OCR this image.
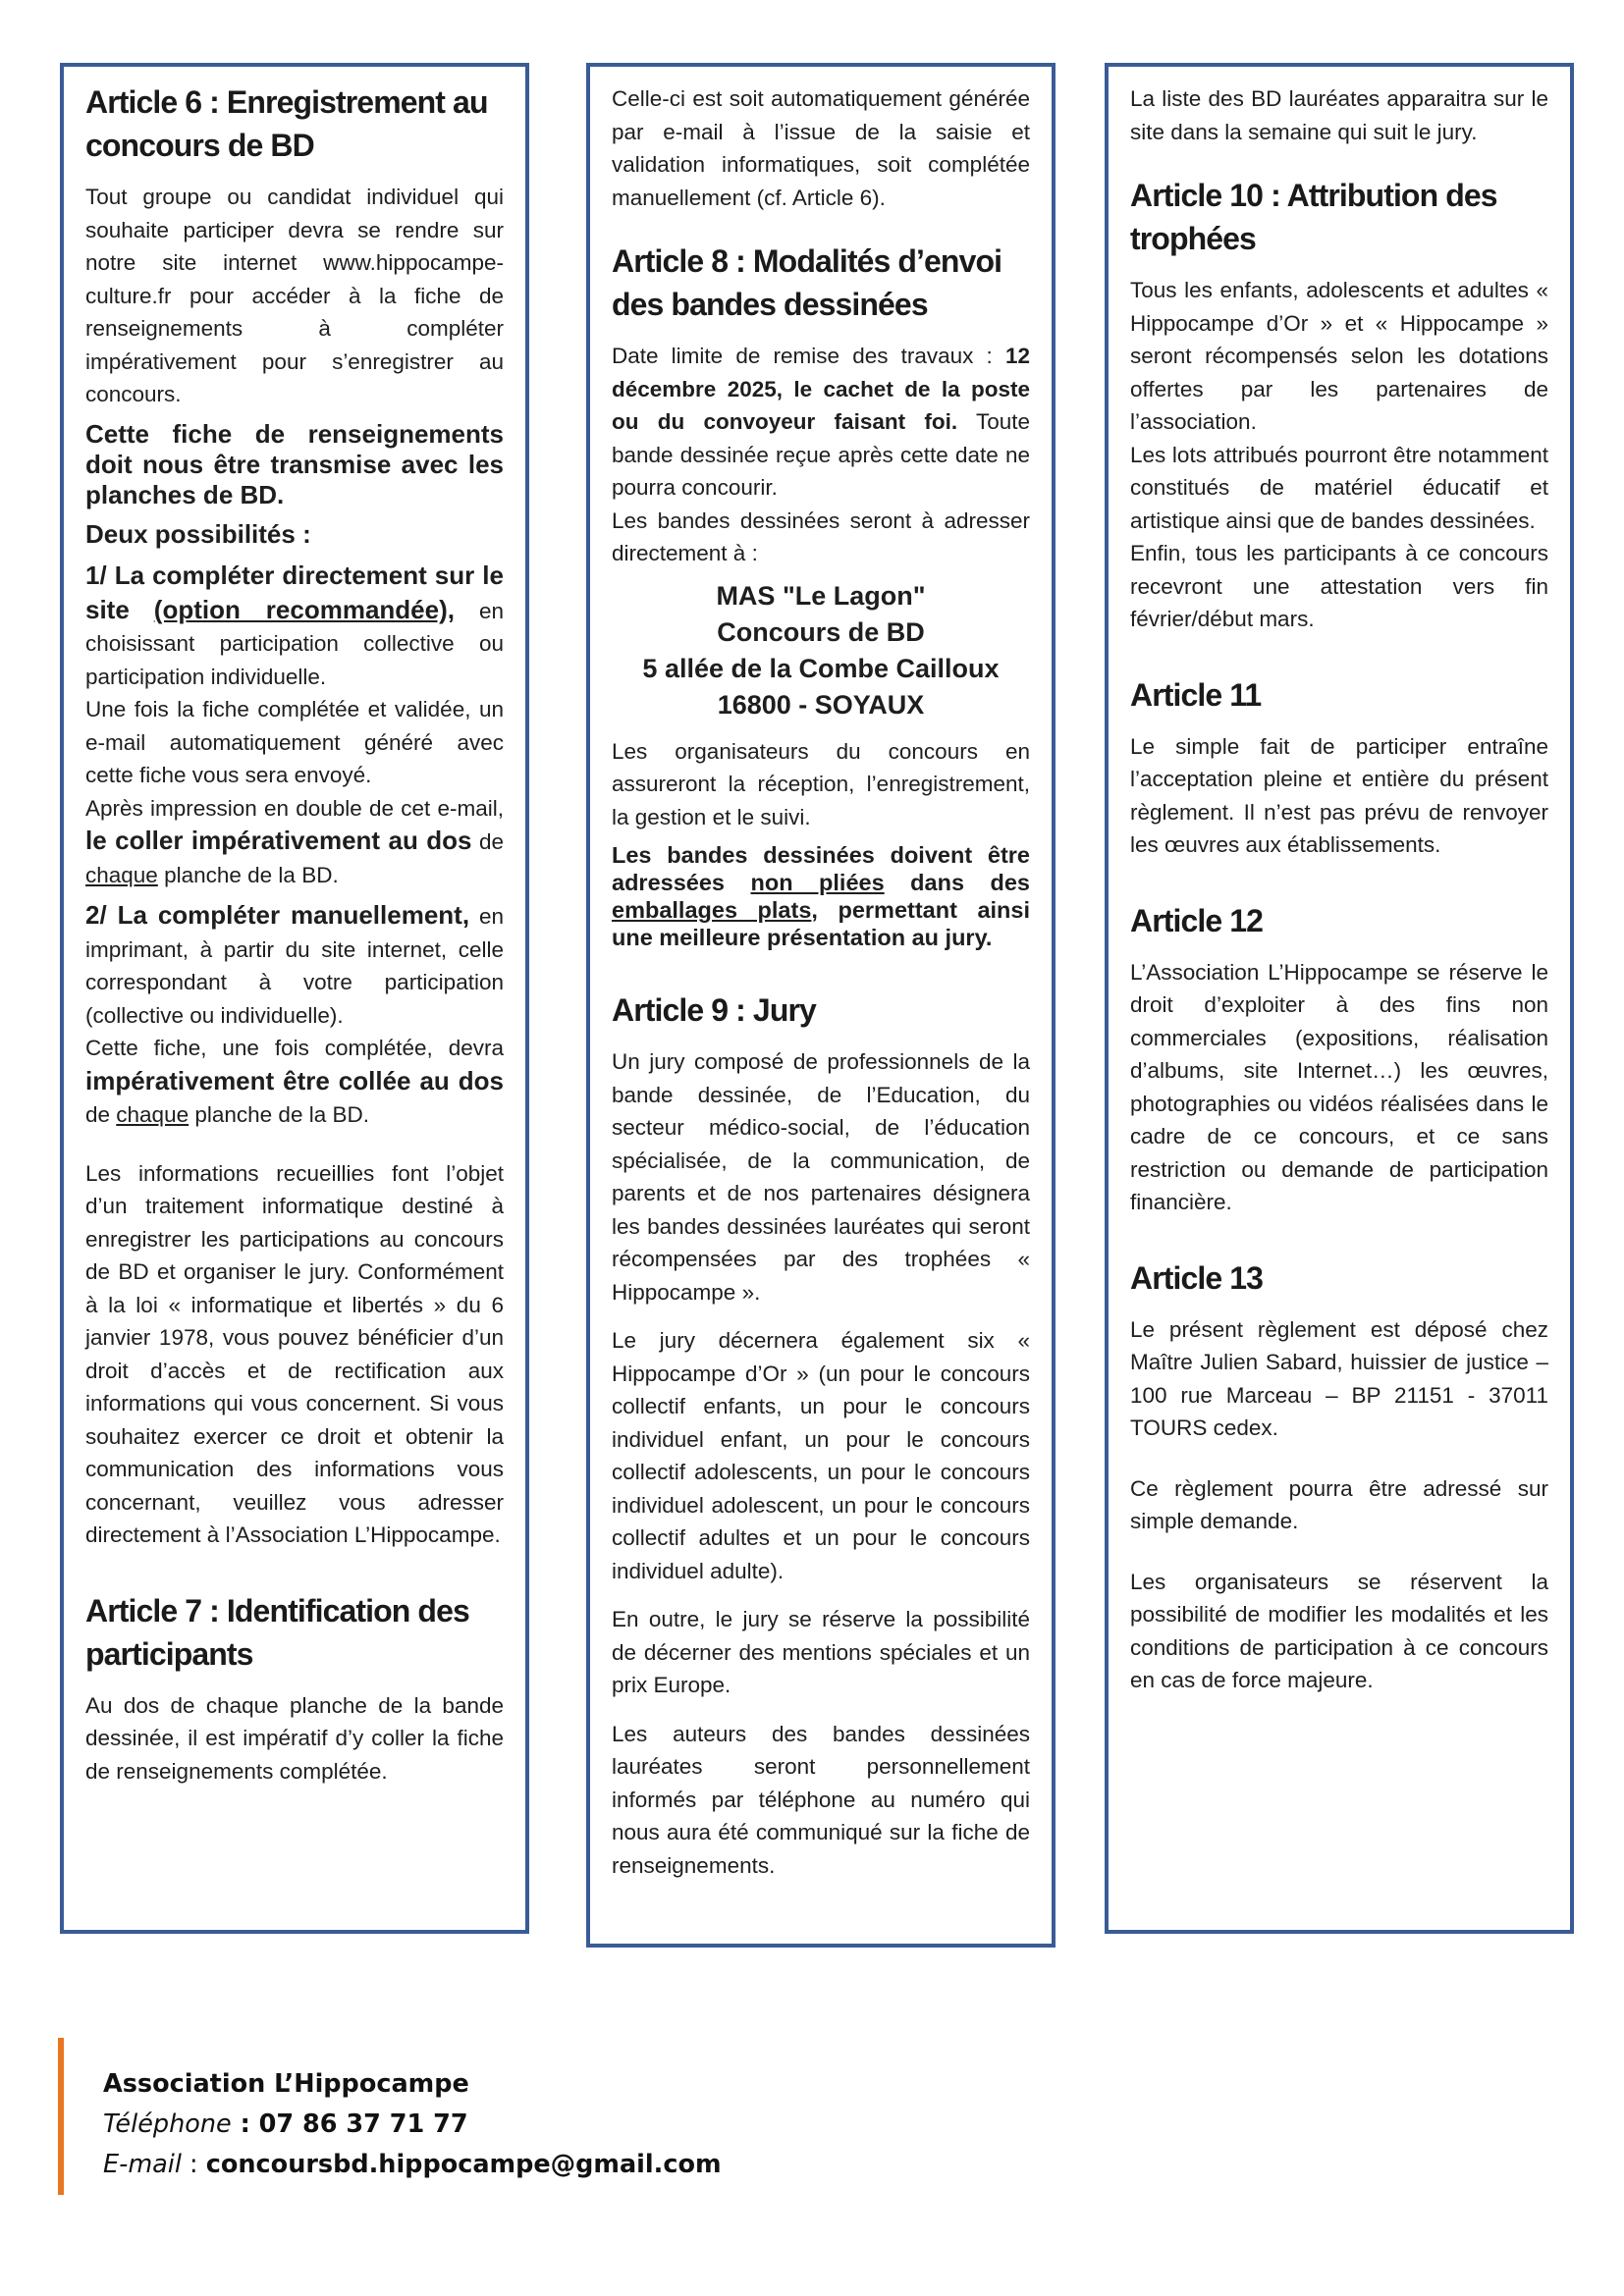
Article 6 : Enregistrement au concours de BD
Tout groupe ou candidat individuel qui souhaite participer devra se rendre sur notre site internet www.hippocampe-culture.fr pour accéder à la fiche de renseignements à compléter impérativement pour s’enregistrer au concours.
Cette fiche de renseignements doit nous être transmise avec les planches de BD.
Deux possibilités :
1/ La compléter directement sur le site (option recommandée), en choisissant participation collective ou participation individuelle.
Une fois la fiche complétée et validée, un e-mail automatiquement généré avec cette fiche vous sera envoyé.
Après impression en double de cet e-mail, le coller impérativement au dos de chaque planche de la BD.
2/ La compléter manuellement, en imprimant, à partir du site internet, celle correspondant à votre participation (collective ou individuelle).
Cette fiche, une fois complétée, devra impérativement être collée au dos de chaque planche de la BD.
Les informations recueillies font l’objet d’un traitement informatique destiné à enregistrer les participations au concours de BD et organiser le jury. Conformément à la loi « informatique et libertés » du 6 janvier 1978, vous pouvez bénéficier d’un droit d’accès et de rectification aux informations qui vous concernent. Si vous souhaitez exercer ce droit et obtenir la communication des informations vous concernant, veuillez vous adresser directement à l’Association L’Hippocampe.
Article 7 : Identification des participants
Au dos de chaque planche de la bande dessinée, il est impératif d’y coller la fiche de renseignements complétée.
Celle-ci est soit automatiquement générée par e-mail à l’issue de la saisie et validation informatiques, soit complétée manuellement (cf. Article 6).
Article 8 : Modalités d’envoi des bandes dessinées
Date limite de remise des travaux : 12 décembre 2025, le cachet de la poste ou du convoyeur faisant foi. Toute bande dessinée reçue après cette date ne pourra concourir.
Les bandes dessinées seront à adresser directement à :
MAS "Le Lagon"
Concours de BD
5 allée de la Combe Cailloux
16800 - SOYAUX
Les organisateurs du concours en assureront la réception, l’enregistrement, la gestion et le suivi.
Les bandes dessinées doivent être adressées non pliées dans des emballages plats, permettant ainsi une meilleure présentation au jury.
Article 9 : Jury
Un jury composé de professionnels de la bande dessinée, de l’Education, du secteur médico-social, de l’éducation spécialisée, de la communication, de parents et de nos partenaires désignera les bandes dessinées lauréates qui seront récompensées par des trophées « Hippocampe ».
Le jury décernera également six « Hippocampe d’Or » (un pour le concours collectif enfants, un pour le concours individuel enfant, un pour le concours collectif adolescents, un pour le concours individuel adolescent, un pour le concours collectif adultes et un pour le concours individuel adulte).
En outre, le jury se réserve la possibilité de décerner des mentions spéciales et un prix Europe.
Les auteurs des bandes dessinées lauréates seront personnellement informés par téléphone au numéro qui nous aura été communiqué sur la fiche de renseignements.
La liste des BD lauréates apparaitra sur le site dans la semaine qui suit le jury.
Article 10 : Attribution des trophées
Tous les enfants, adolescents et adultes « Hippocampe d’Or » et « Hippocampe » seront récompensés selon les dotations offertes par les partenaires de l’association.
Les lots attribués pourront être notamment constitués de matériel éducatif et artistique ainsi que de bandes dessinées.
Enfin, tous les participants à ce concours recevront une attestation vers fin février/début mars.
Article 11
Le simple fait de participer entraîne l’acceptation pleine et entière du présent règlement. Il n’est pas prévu de renvoyer les œuvres aux établissements.
Article 12
L’Association L’Hippocampe se réserve le droit d’exploiter à des fins non commerciales (expositions, réalisation d’albums, site Internet…) les œuvres, photographies ou vidéos réalisées dans le cadre de ce concours, et ce sans restriction ou demande de participation financière.
Article 13
Le présent règlement est déposé chez Maître Julien Sabard, huissier de justice – 100 rue Marceau – BP 21151 - 37011 TOURS cedex.
Ce règlement pourra être adressé sur simple demande.
Les organisateurs se réservent la possibilité de modifier les modalités et les conditions de participation à ce concours en cas de force majeure.
Association L’Hippocampe
Téléphone : 07 86 37 71 77
E-mail : concoursbd.hippocampe@gmail.com
